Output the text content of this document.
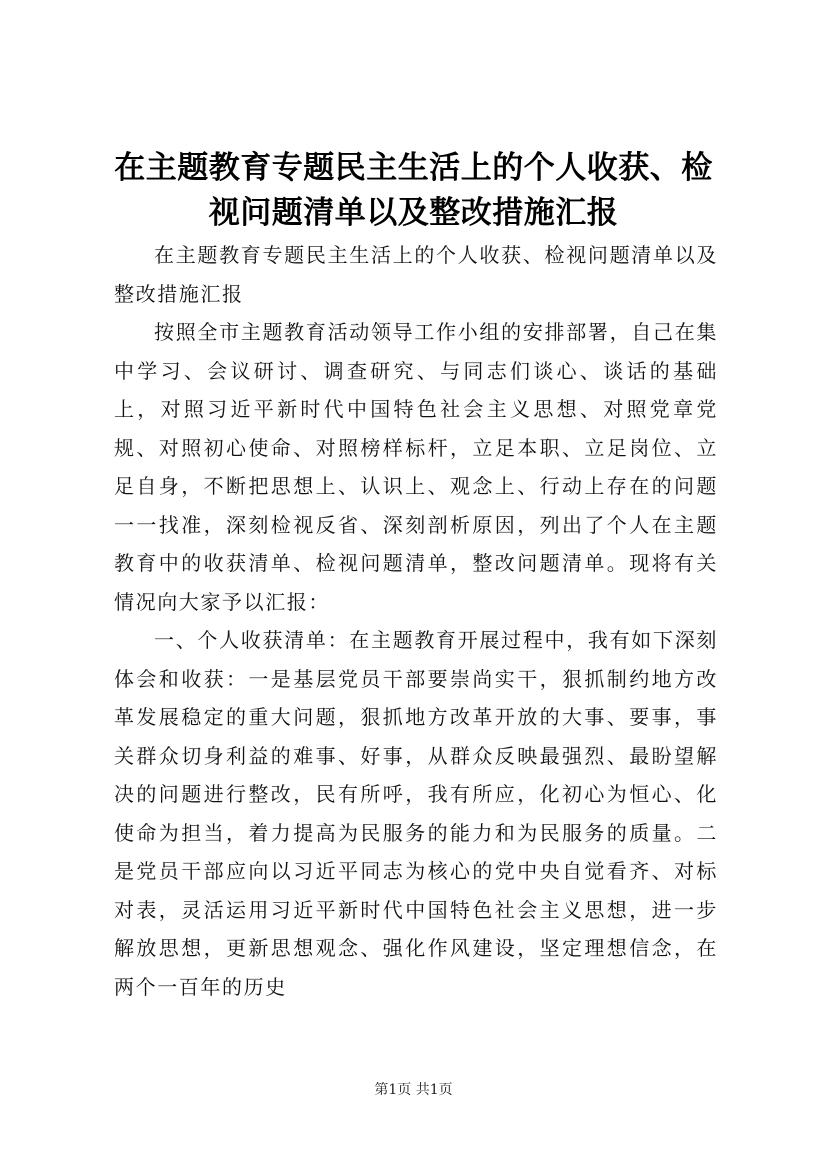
在主题教育专题民主生活上的个人收获、检视问题清单以及整改措施汇报

在主题教育专题民主生活上的个人收获、检视问题清单以及整改措施汇报

按照全市主题教育活动领导工作小组的安排部署，自己在集中学习、会议研讨、调查研究、与同志们谈心、谈话的基础上，对照习近平新时代中国特色社会主义思想、对照党章党规、对照初心使命、对照榜样标杆，立足本职、立足岗位、立足自身，不断把思想上、认识上、观念上、行动上存在的问题一一找准，深刻检视反省、深刻剖析原因，列出了个人在主题教育中的收获清单、检视问题清单，整改问题清单。现将有关情况向大家予以汇报：

一、个人收获清单：在主题教育开展过程中，我有如下深刻体会和收获：一是基层党员干部要崇尚实干，狠抓制约地方改革发展稳定的重大问题，狠抓地方改革开放的大事、要事，事关群众切身利益的难事、好事，从群众反映最强烈、最盼望解决的问题进行整改，民有所呼，我有所应，化初心为恒心、化使命为担当，着力提高为民服务的能力和为民服务的质量。二是党员干部应向以习近平同志为核心的党中央自觉看齐、对标对表，灵活运用习近平新时代中国特色社会主义思想，进一步解放思想，更新思想观念、强化作风建设，坚定理想信念，在两个一百年的历史

第1页 共1页
